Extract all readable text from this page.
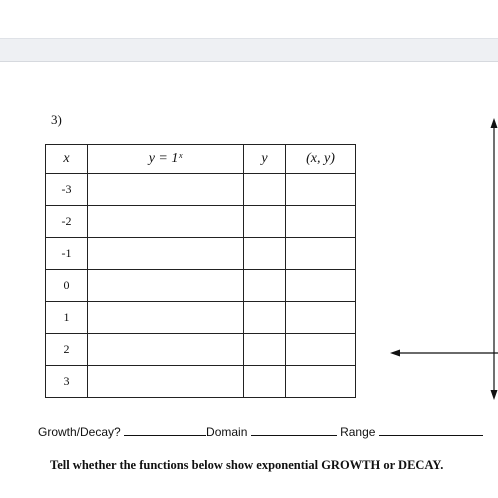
3)
x	y = 1ˣ	y	(x, y)
-3			
-2			
-1			
0			
1			
2			
3			
Growth/Decay?	Domain	Range
Tell whether the functions below show exponential GROWTH or DECAY.
